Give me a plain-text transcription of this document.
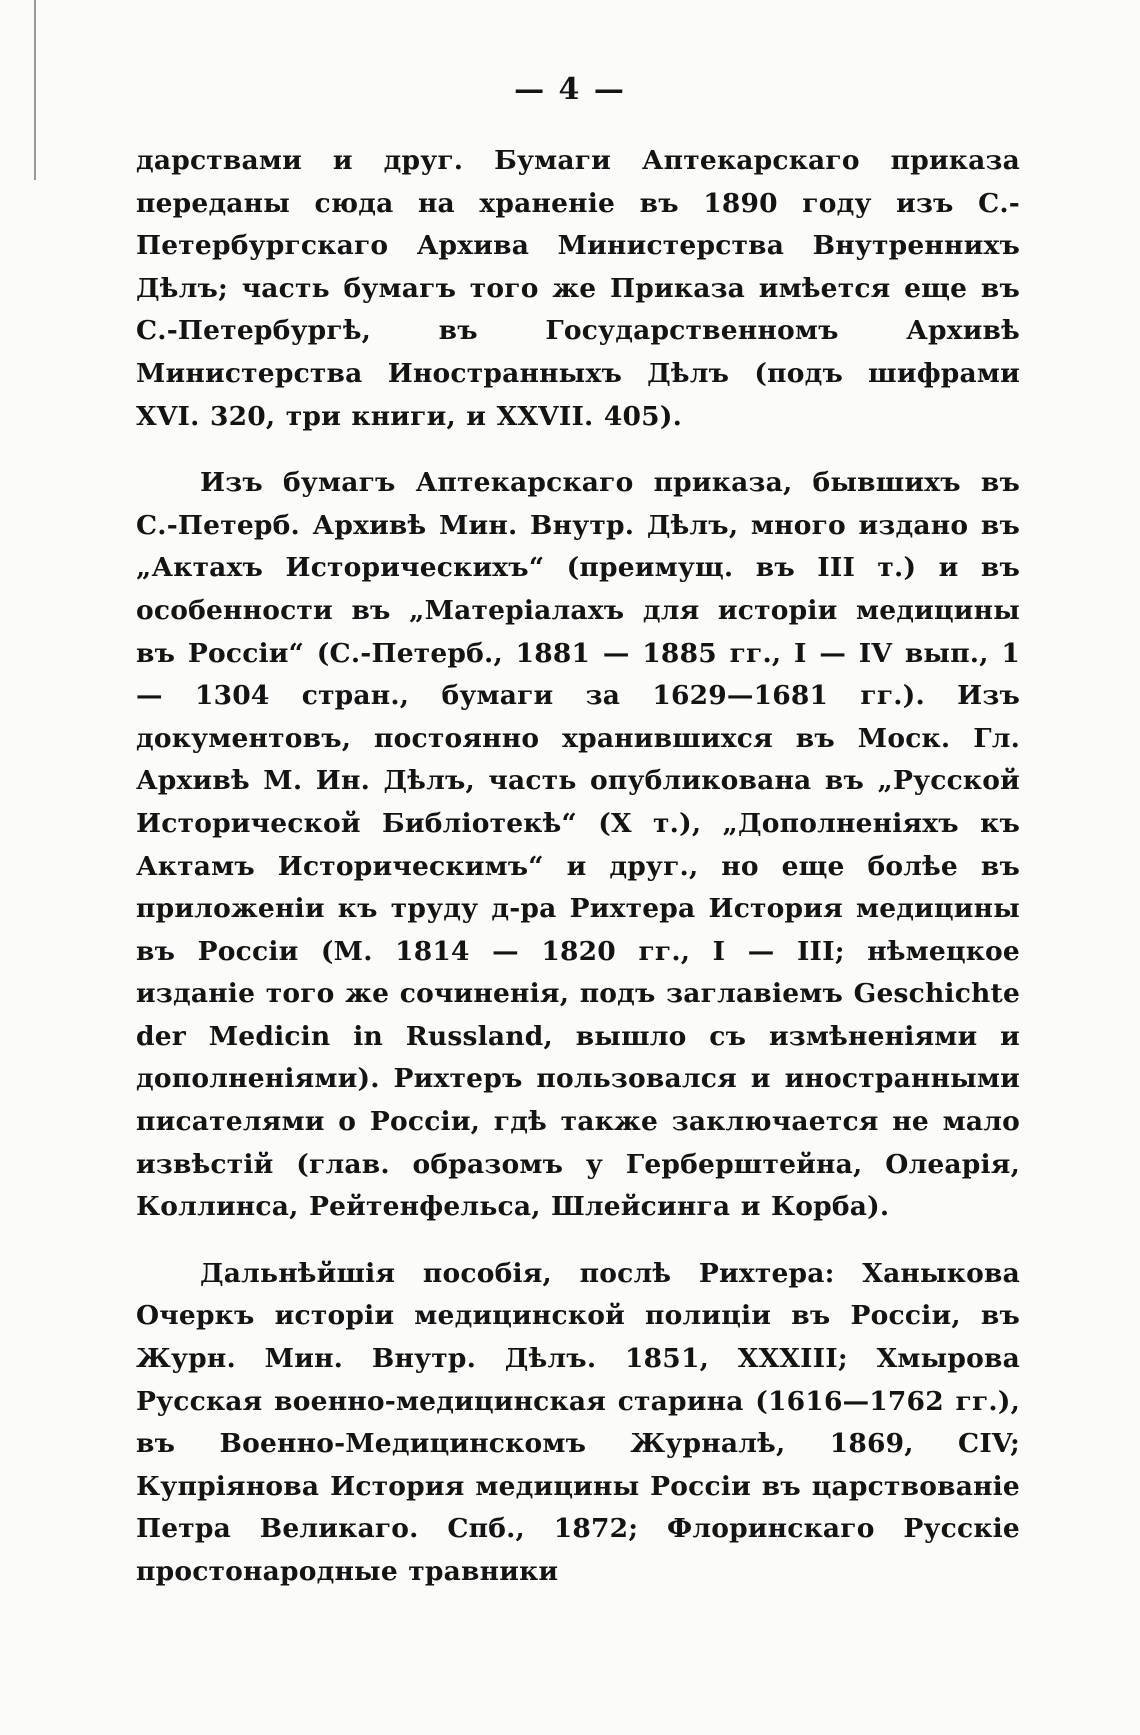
— 4 —

дарствами и друг. Бумаги Аптекарскаго приказа переданы сюда на храненіе въ 1890 году изъ С.-Петербургскаго Архива Министерства Внутреннихъ Дѣлъ; часть бумагъ того же Приказа имѣется еще въ С.-Петербургѣ, въ Государственномъ Архивѣ Министерства Иностранныхъ Дѣлъ (подъ шифрами XVI. 320, три книги, и XXVII. 405).

Изъ бумагъ Аптекарскаго приказа, бывшихъ въ С.-Петерб. Архивѣ Мин. Внутр. Дѣлъ, много издано въ „Актахъ Историческихъ“ (преимущ. въ III т.) и въ особенности въ „Матеріалахъ для исторіи медицины въ Россіи“ (С.-Петерб., 1881 — 1885 гг., I — IV вып., 1 — 1304 стран., бумаги за 1629—1681 гг.). Изъ документовъ, постоянно хранившихся въ Моск. Гл. Архивѣ М. Ин. Дѣлъ, часть опубликована въ „Русской Исторической Библіотекѣ“ (X т.), „Дополненіяхъ къ Актамъ Историческимъ“ и друг., но еще болѣе въ приложеніи къ труду д-ра Рихтера История медицины въ Россіи (М. 1814 — 1820 гг., I — III; нѣмецкое изданіе того же сочиненія, подъ заглавіемъ Geschichte der Medicin in Russland, вышло съ измѣненіями и дополненіями). Рихтеръ пользовался и иностранными писателями о Россіи, гдѣ также заключается не мало извѣстій (глав. образомъ у Герберштейна, Олеарія, Коллинса, Рейтенфельса, Шлейсинга и Корба).

Дальнѣйшія пособія, послѣ Рихтера: Ханыкова Очеркъ исторіи медицинской полиціи въ Россіи, въ Журн. Мин. Внутр. Дѣлъ. 1851, XXXIII; Хмырова Русская военно-медицинская старина (1616—1762 гг.), въ Военно-Медицинскомъ Журналѣ, 1869, CIV; Купріянова История медицины Россіи въ царствованіе Петра Великаго. Спб., 1872; Флоринскаго Русскіе простонародные травники
